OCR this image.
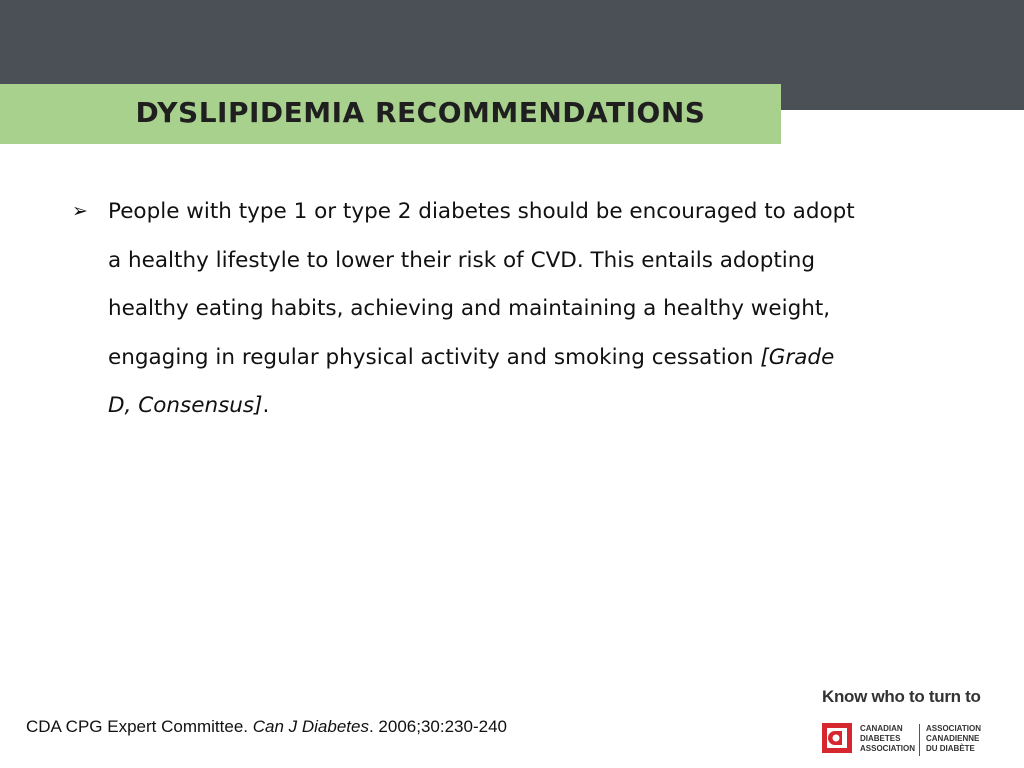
DYSLIPIDEMIA RECOMMENDATIONS
➢ People with type 1 or type 2 diabetes should be encouraged to adopt a healthy lifestyle to lower their risk of CVD. This entails adopting healthy eating habits, achieving and maintaining a healthy weight, engaging in regular physical activity and smoking cessation [Grade D, Consensus].
CDA CPG Expert Committee. Can J Diabetes. 2006;30:230-240
Know who to turn to
CANADIAN
DIABETES
ASSOCIATION
ASSOCIATION
CANADIENNE
DU DIABÈTE
